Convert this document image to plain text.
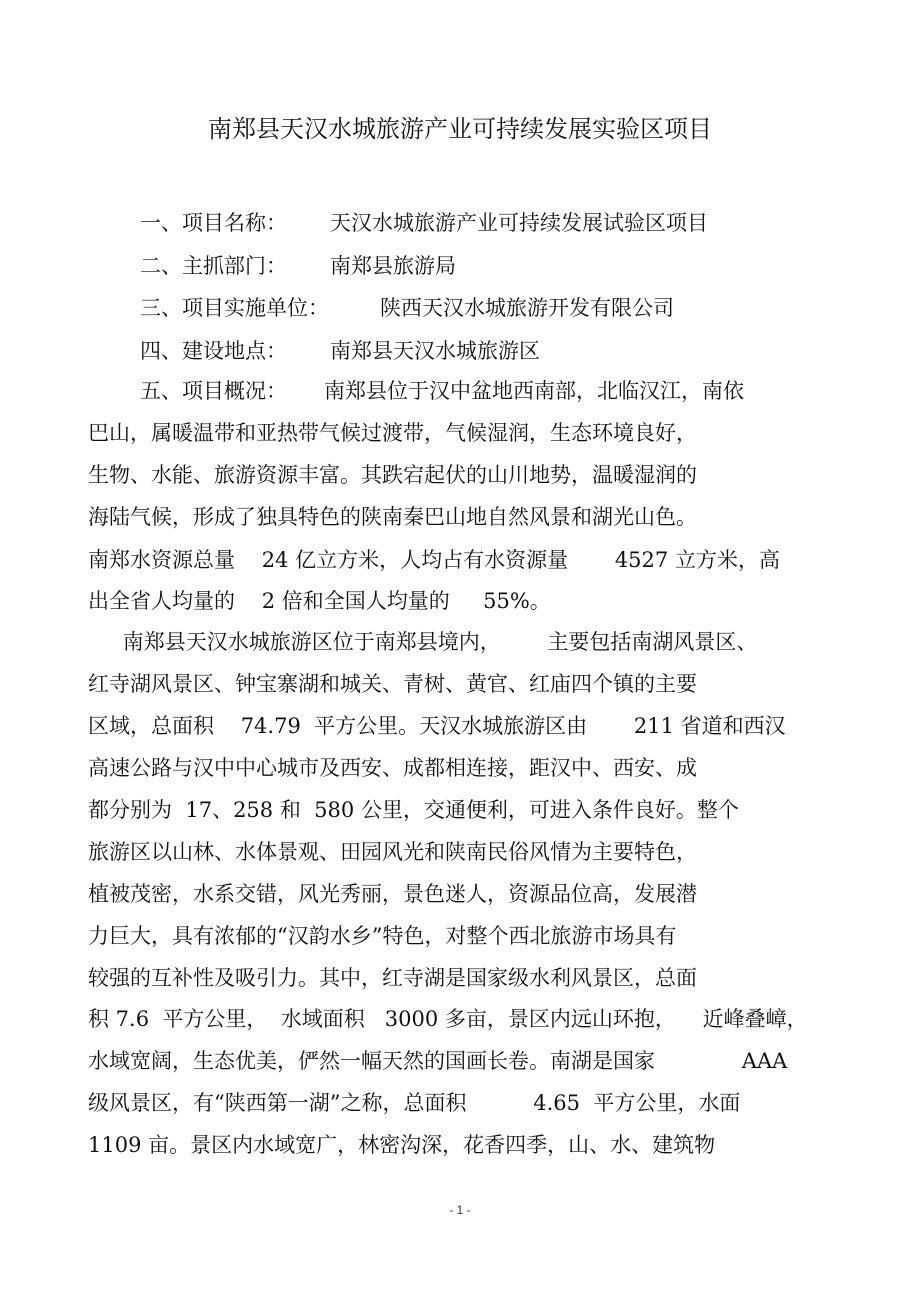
南郑县天汉水城旅游产业可持续发展实验区项目
一、项目名称： 天汉水城旅游产业可持续发展试验区项目
二、主抓部门： 南郑县旅游局
三、项目实施单位： 陕西天汉水城旅游开发有限公司
四、建设地点： 南郑县天汉水城旅游区
五、项目概况： 南郑县位于汉中盆地西南部，北临汉江，南依
巴山，属暖温带和亚热带气候过渡带，气候湿润，生态环境良好，
生物、水能、旅游资源丰富。其跌宕起伏的山川地势，温暖湿润的
海陆气候，形成了独具特色的陕南秦巴山地自然风景和湖光山色。
南郑水资源总量    24 亿立方米，人均占有水资源量       4527 立方米，高
出全省人均量的    2 倍和全国人均量的     55%。
南郑县天汉水城旅游区位于南郑县境内，       主要包括南湖风景区、
红寺湖风景区、钟宝寨湖和城关、青树、黄官、红庙四个镇的主要
区域，总面积    74.79  平方公里。天汉水城旅游区由       211 省道和西汉
高速公路与汉中中心城市及西安、成都相连接，距汉中、西安、成
都分别为  17、258 和  580 公里，交通便利，可进入条件良好。整个
旅游区以山林、水体景观、田园风光和陕南民俗风情为主要特色，
植被茂密，水系交错，风光秀丽，景色迷人，资源品位高，发展潜
力巨大，具有浓郁的“汉韵水乡”特色，对整个西北旅游市场具有
较强的互补性及吸引力。其中，红寺湖是国家级水利风景区，总面
积 7.6  平方公里，  水域面积   3000 多亩，景区内远山环抱，    近峰叠嶂，
水域宽阔，生态优美，俨然一幅天然的国画长卷。南湖是国家             AAA
级风景区，有“陕西第一湖”之称，总面积          4.65  平方公里，水面
1109 亩。景区内水域宽广，林密沟深，花香四季，山、水、建筑物
- 1 -
